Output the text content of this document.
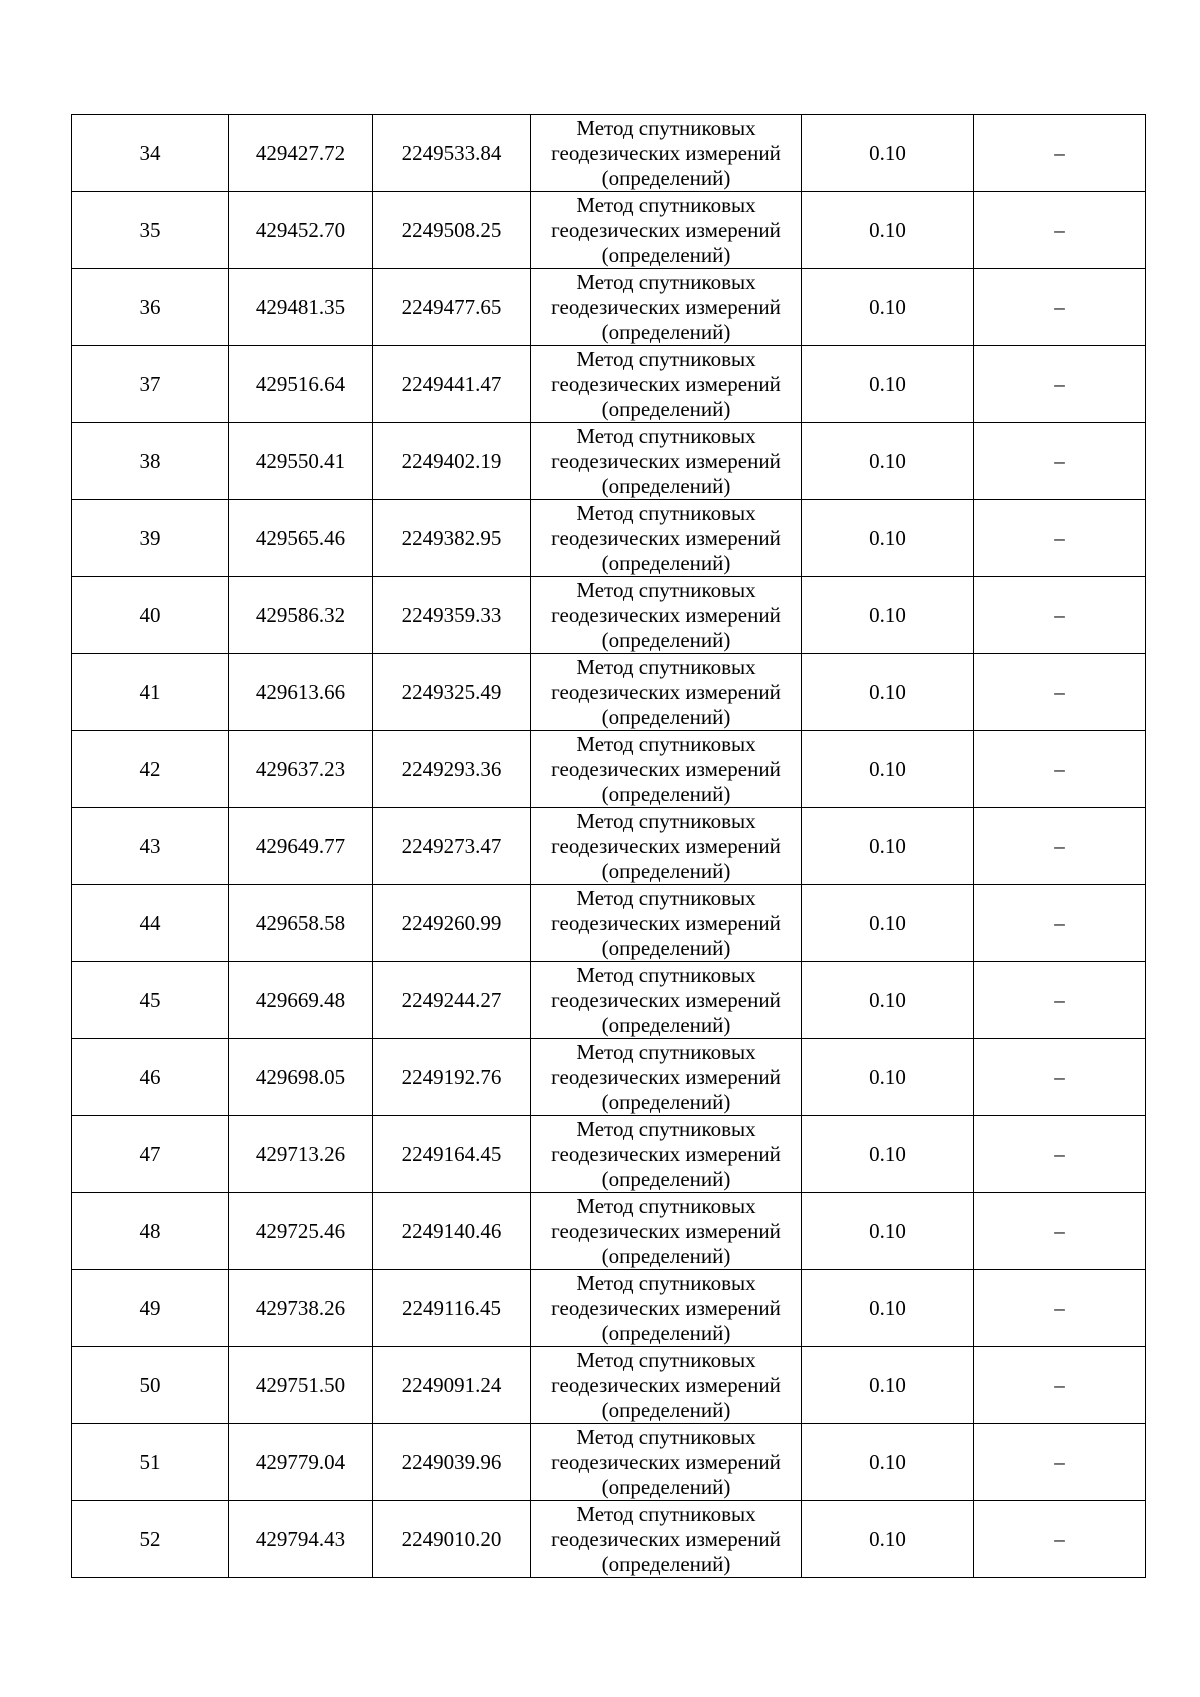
34	429427.72	2249533.84	Метод спутниковых
геодезических измерений
(определений)	0.10	–
35	429452.70	2249508.25	Метод спутниковых
геодезических измерений
(определений)	0.10	–
36	429481.35	2249477.65	Метод спутниковых
геодезических измерений
(определений)	0.10	–
37	429516.64	2249441.47	Метод спутниковых
геодезических измерений
(определений)	0.10	–
38	429550.41	2249402.19	Метод спутниковых
геодезических измерений
(определений)	0.10	–
39	429565.46	2249382.95	Метод спутниковых
геодезических измерений
(определений)	0.10	–
40	429586.32	2249359.33	Метод спутниковых
геодезических измерений
(определений)	0.10	–
41	429613.66	2249325.49	Метод спутниковых
геодезических измерений
(определений)	0.10	–
42	429637.23	2249293.36	Метод спутниковых
геодезических измерений
(определений)	0.10	–
43	429649.77	2249273.47	Метод спутниковых
геодезических измерений
(определений)	0.10	–
44	429658.58	2249260.99	Метод спутниковых
геодезических измерений
(определений)	0.10	–
45	429669.48	2249244.27	Метод спутниковых
геодезических измерений
(определений)	0.10	–
46	429698.05	2249192.76	Метод спутниковых
геодезических измерений
(определений)	0.10	–
47	429713.26	2249164.45	Метод спутниковых
геодезических измерений
(определений)	0.10	–
48	429725.46	2249140.46	Метод спутниковых
геодезических измерений
(определений)	0.10	–
49	429738.26	2249116.45	Метод спутниковых
геодезических измерений
(определений)	0.10	–
50	429751.50	2249091.24	Метод спутниковых
геодезических измерений
(определений)	0.10	–
51	429779.04	2249039.96	Метод спутниковых
геодезических измерений
(определений)	0.10	–
52	429794.43	2249010.20	Метод спутниковых
геодезических измерений
(определений)	0.10	–
